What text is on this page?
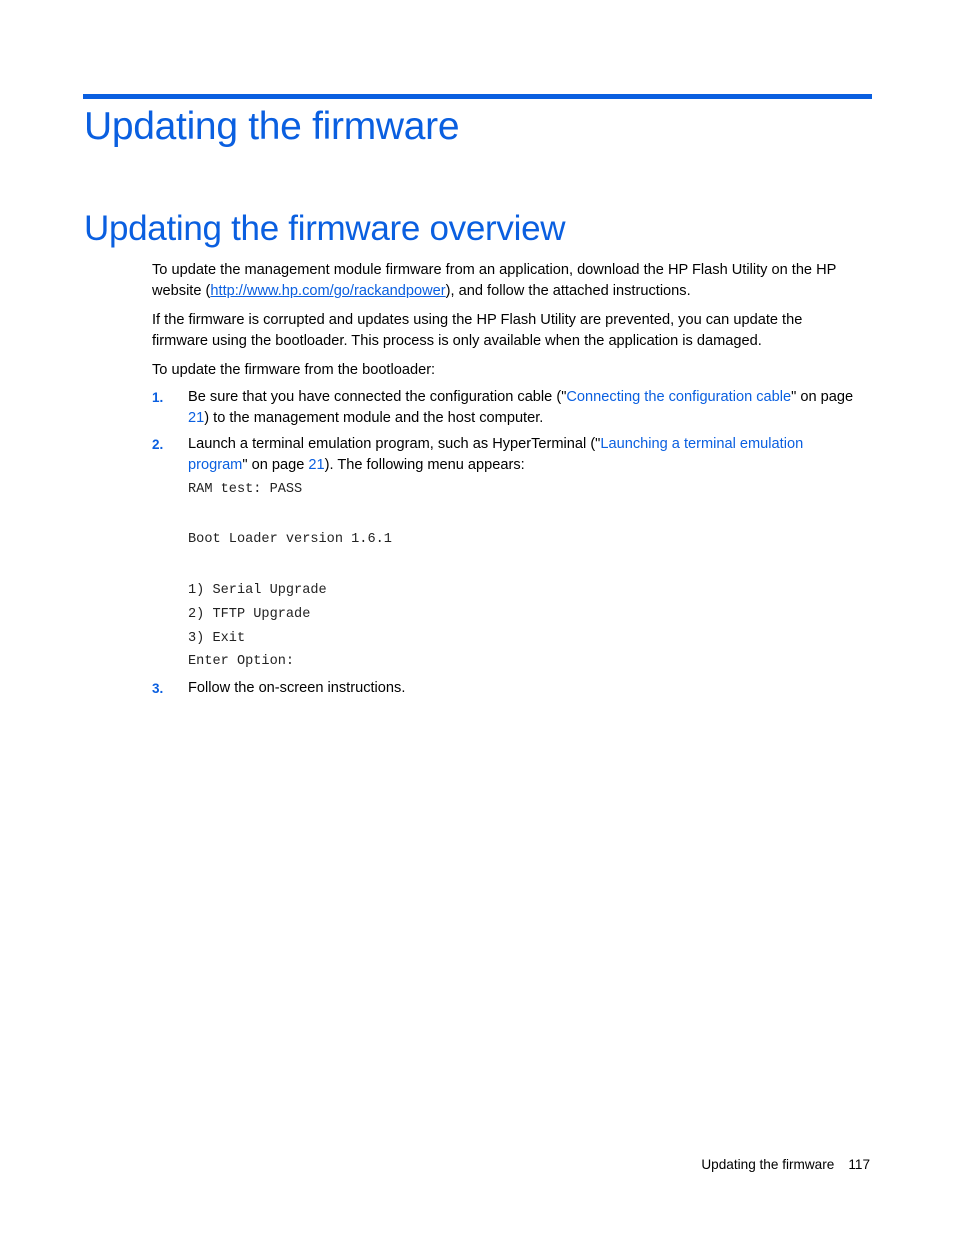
Updating the firmware
Updating the firmware overview

To update the management module firmware from an application, download the HP Flash Utility on the HP website (http://www.hp.com/go/rackandpower), and follow the attached instructions.

If the firmware is corrupted and updates using the HP Flash Utility are prevented, you can update the firmware using the bootloader. This process is only available when the application is damaged.

To update the firmware from the bootloader:

1. Be sure that you have connected the configuration cable ("Connecting the configuration cable" on page 21) to the management module and the host computer.
2. Launch a terminal emulation program, such as HyperTerminal ("Launching a terminal emulation program" on page 21). The following menu appears:
RAM test: PASS
Boot Loader version 1.6.1
1) Serial Upgrade
2) TFTP Upgrade
3) Exit
Enter Option:
3. Follow the on-screen instructions.
Updating the firmware 117
